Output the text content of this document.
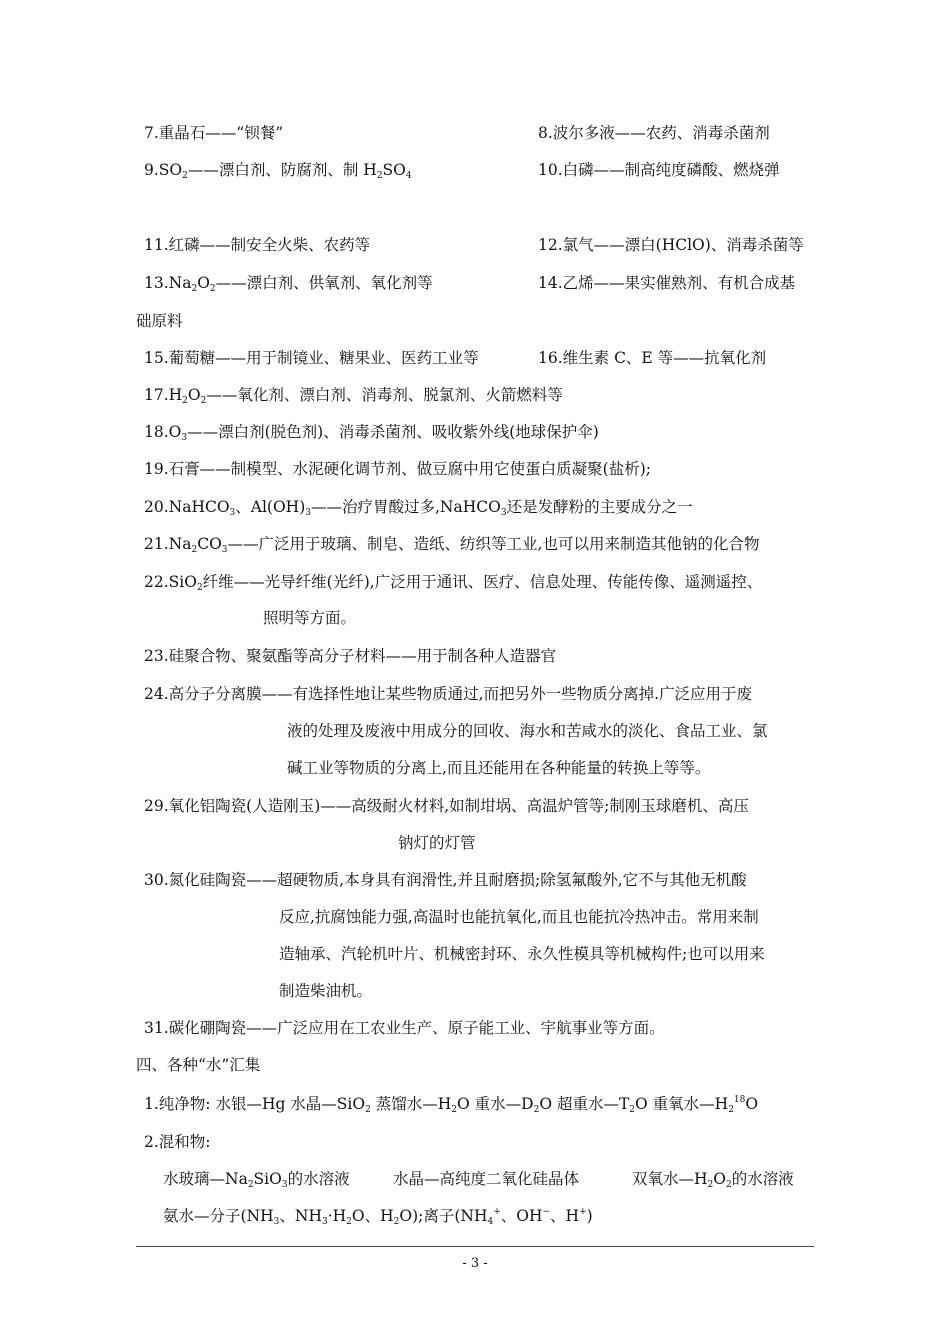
7.重晶石——“钡餐”	8.波尔多液——农药、消毒杀菌剂
$9.SO_2——$漂白剂、防腐剂、制 $H_2SO_4$	10.白磷——制高纯度磷酸、燃烧弹
11.红磷——制安全火柴、农药等	12.氯气——漂白(HClO)、消毒杀菌等
$13.Na_2O_2——$漂白剂、供氧剂、氧化剂等	14.乙烯——果实催熟剂、有机合成基
础原料
15.葡萄糖——用于制镜业、糖果业、医药工业等	16.维生素 C、E 等——抗氧化剂
$17.H_2O_2——$氧化剂、漂白剂、消毒剂、脱氯剂、火箭燃料等
$18.O_3——$漂白剂(脱色剂)、消毒杀菌剂、吸收紫外线(地球保护伞)
19.石膏——制模型、水泥硬化调节剂、做豆腐中用它使蛋白质凝聚(盐析);
20.NaHCO$_3$、$Al(OH)_3——$治疗胃酸过多,NaHCO$_3$还是发酵粉的主要成分之一
$21.Na_2CO_3——$广泛用于玻璃、制皂、造纸、纺织等工业,也可以用来制造其他钠的化合物
22.SiO$_2$纤维——光导纤维(光纤),广泛用于通讯、医疗、信息处理、传能传像、遥测遥控、
照明等方面。
23.硅聚合物、聚氨酯等高分子材料——用于制各种人造器官
24.高分子分离膜——有选择性地让某些物质通过,而把另外一些物质分离掉.广泛应用于废
液的处理及废液中用成分的回收、海水和苦咸水的淡化、食品工业、氯
碱工业等物质的分离上,而且还能用在各种能量的转换上等等。
29.氧化铝陶瓷(人造刚玉)——高级耐火材料,如制坩埚、高温炉管等;制刚玉球磨机、高压
钠灯的灯管
30.氮化硅陶瓷——超硬物质,本身具有润滑性,并且耐磨损;除氢氟酸外,它不与其他无机酸
反应,抗腐蚀能力强,高温时也能抗氧化,而且也能抗冷热冲击。常用来制
造轴承、汽轮机叶片、机械密封环、永久性模具等机械构件;也可以用来
制造柴油机。
31.碳化硼陶瓷——广泛应用在工农业生产、原子能工业、宇航事业等方面。
四、各种“水”汇集
1.纯净物: 水银—Hg 水晶—SiO$_2$ 蒸馏水$—H_2O$ 重水$—D_2O$ 超重水$—T_2O$ 重氧水$—H_2^{18}O$
2.混和物:
水玻璃$—Na_2SiO_3$的水溶液	水晶—高纯度二氧化硅晶体	双氧水$—H_2O_2$的水溶液
氨水—分子($NH_3$、$NH_3\cdot H_2O$、$H_2O$);离子($NH_4^+$、OH−、H+)
- 3 -
